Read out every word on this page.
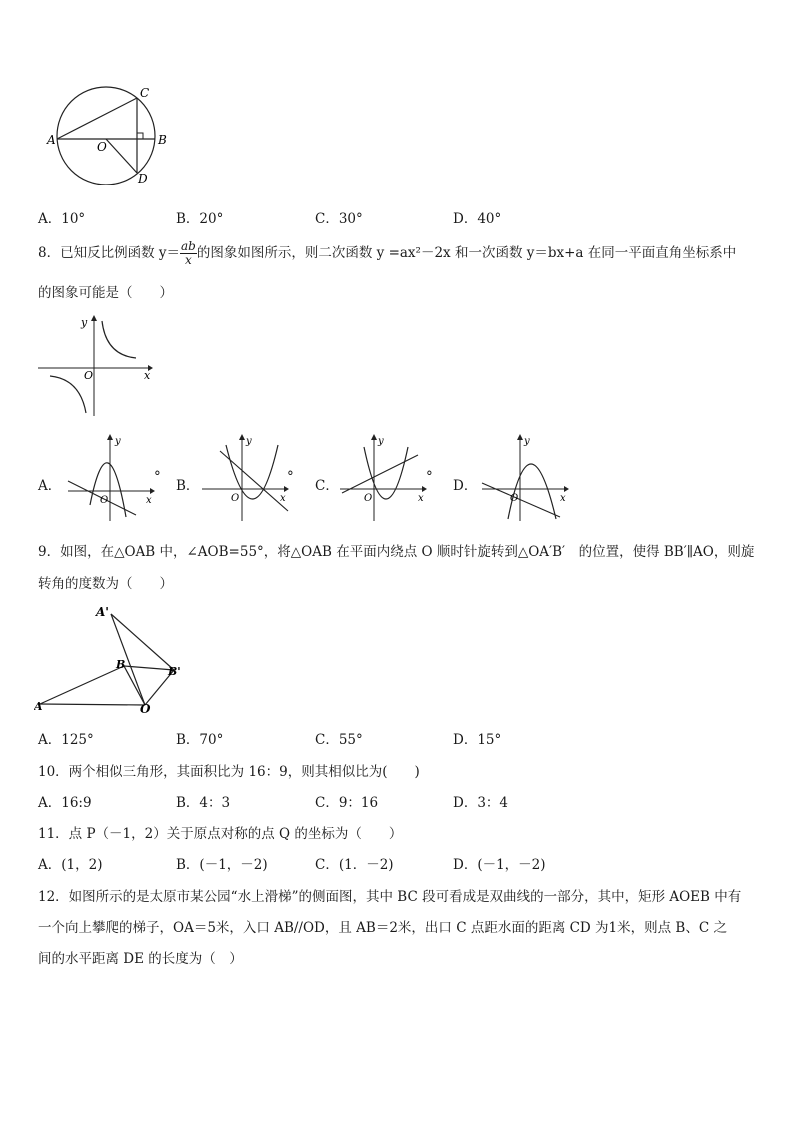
A	B
C
D
O
A．10°	B．20°	C．30°	D．40°
8．已知反比例函数 $y= \frac{ab}{x}$ 的图象如图所示，则二次函数 y =ax²－2x 和一次函数 y＝bx+a 在同一平面直角坐标系中
的图象可能是（　　）
y
x
O
A．
y
x
O
°
B．
y
x
O
°
C．
y
x
O
°
D．
y
x
O
9．如图，在△OAB 中，∠AOB=55°，将△OAB 在平面内绕点 O 顺时针旋转到△OA′B′　的位置，使得 BB′∥AO，则旋
转角的度数为（　　）
A'
B
B'
O
A
A．125°	B．70°	C．55°	D．15°
10．两个相似三角形，其面积比为 16：9，则其相似比为(　　)
A．16:9	B．4：3	C．9：16	D．3：4
11．点 P（－1，2）关于原点对称的点 Q 的坐标为（　　）
A．(1，2)	B．(－1，－2)	C．(1．－2)	D．(－1，－2)
12．如图所示的是太原市某公园“水上滑梯”的侧面图，其中 BC 段可看成是双曲线的一部分，其中，矩形 AOEB 中有
一个向上攀爬的梯子，OA＝5米，入口 AB//OD，且 AB＝2米，出口 C 点距水面的距离 CD 为1米，则点 B、C 之
间的水平距离 DE 的长度为（　）
